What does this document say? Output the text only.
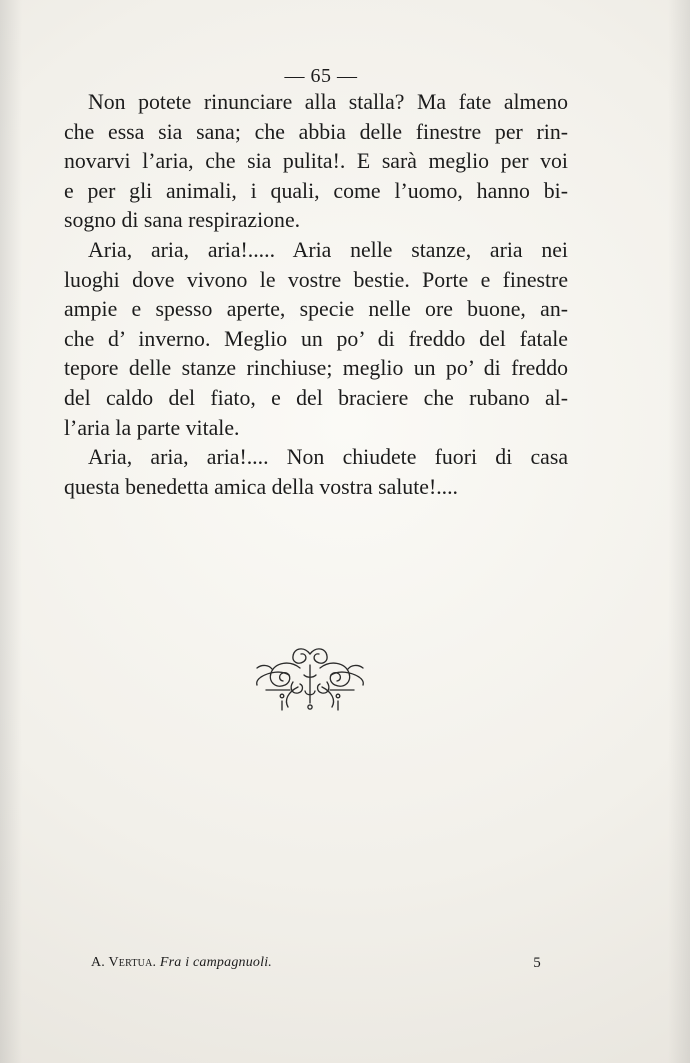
— 65 —

Non potete rinunciare alla stalla? Ma fate almeno
che essa sia sana; che abbia delle finestre per rin-
novarvi l’aria, che sia pulita!. E sarà meglio per voi
e per gli animali, i quali, come l’uomo, hanno bi-
sogno di sana respirazione.

Aria, aria, aria!..... Aria nelle stanze, aria nei
luoghi dove vivono le vostre bestie. Porte e finestre
ampie e spesso aperte, specie nelle ore buone, an-
che d’ inverno. Meglio un po’ di freddo del fatale
tepore delle stanze rinchiuse; meglio un po’ di freddo
del caldo del fiato, e del braciere che rubano al-
l’aria la parte vitale.

Aria, aria, aria!.... Non chiudete fuori di casa
questa benedetta amica della vostra salute!....

A. Vertua. Fra i campagnuoli.	5
